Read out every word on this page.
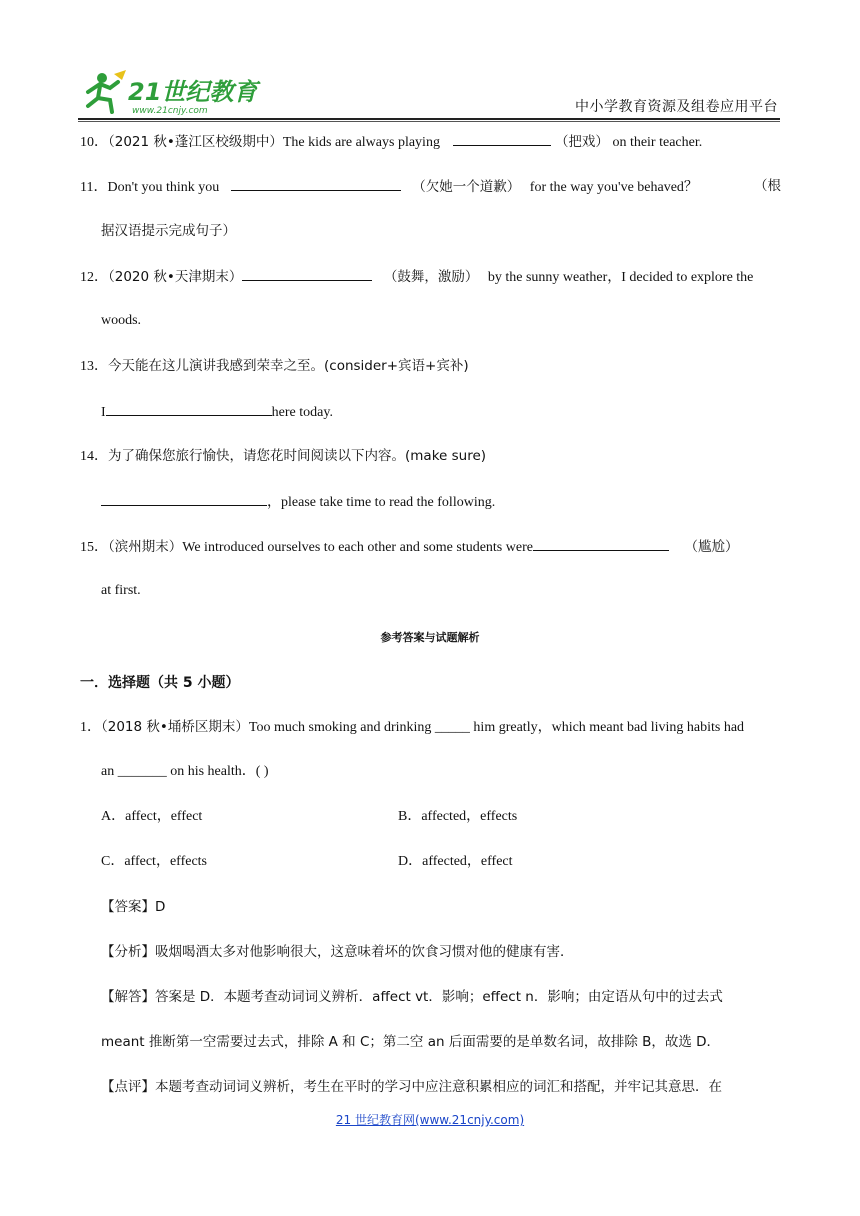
21世纪教育
www.21cnjy.com	中小学教育资源及组卷应用平台
10．（2021 秋•蓬江区校级期中）The kids are always playing	（把戏） on their teacher.
11．Don't you think you	（欠她一个道歉） for the way you've behaved？	（根
据汉语提示完成句子）
12．（2020 秋•天津期末）	（鼓舞，激励） by the sunny weather，I decided to explore the
woods.
13．今天能在这儿演讲我感到荣幸之至。(consider+宾语+宾补)
I	here today.
14．为了确保您旅行愉快，请您花时间阅读以下内容。(make sure)
，please take time to read the following.
15．（滨州期末）We introduced ourselves to each other and some students were	（尴尬）
at first.
参考答案与试题解析
一．选择题（共 5 小题）
1．（2018 秋•埇桥区期末）Too much smoking and drinking _____ him greatly，which meant bad living habits had
an _______ on his health．( )
A．affect，effect	B．affected，effects
C．affect，effects	D．affected，effect
【答案】D
【分析】吸烟喝酒太多对他影响很大，这意味着坏的饮食习惯对他的健康有害．
【解答】答案是 D．本题考查动词词义辨析．affect vt．影响；effect n．影响；由定语从句中的过去式
meant 推断第一空需要过去式，排除 A 和 C；第二空 an 后面需要的是单数名词，故排除 B，故选 D．
【点评】本题考查动词词义辨析，考生在平时的学习中应注意积累相应的词汇和搭配，并牢记其意思．在
21 世纪教育网(www.21cnjy.com)
